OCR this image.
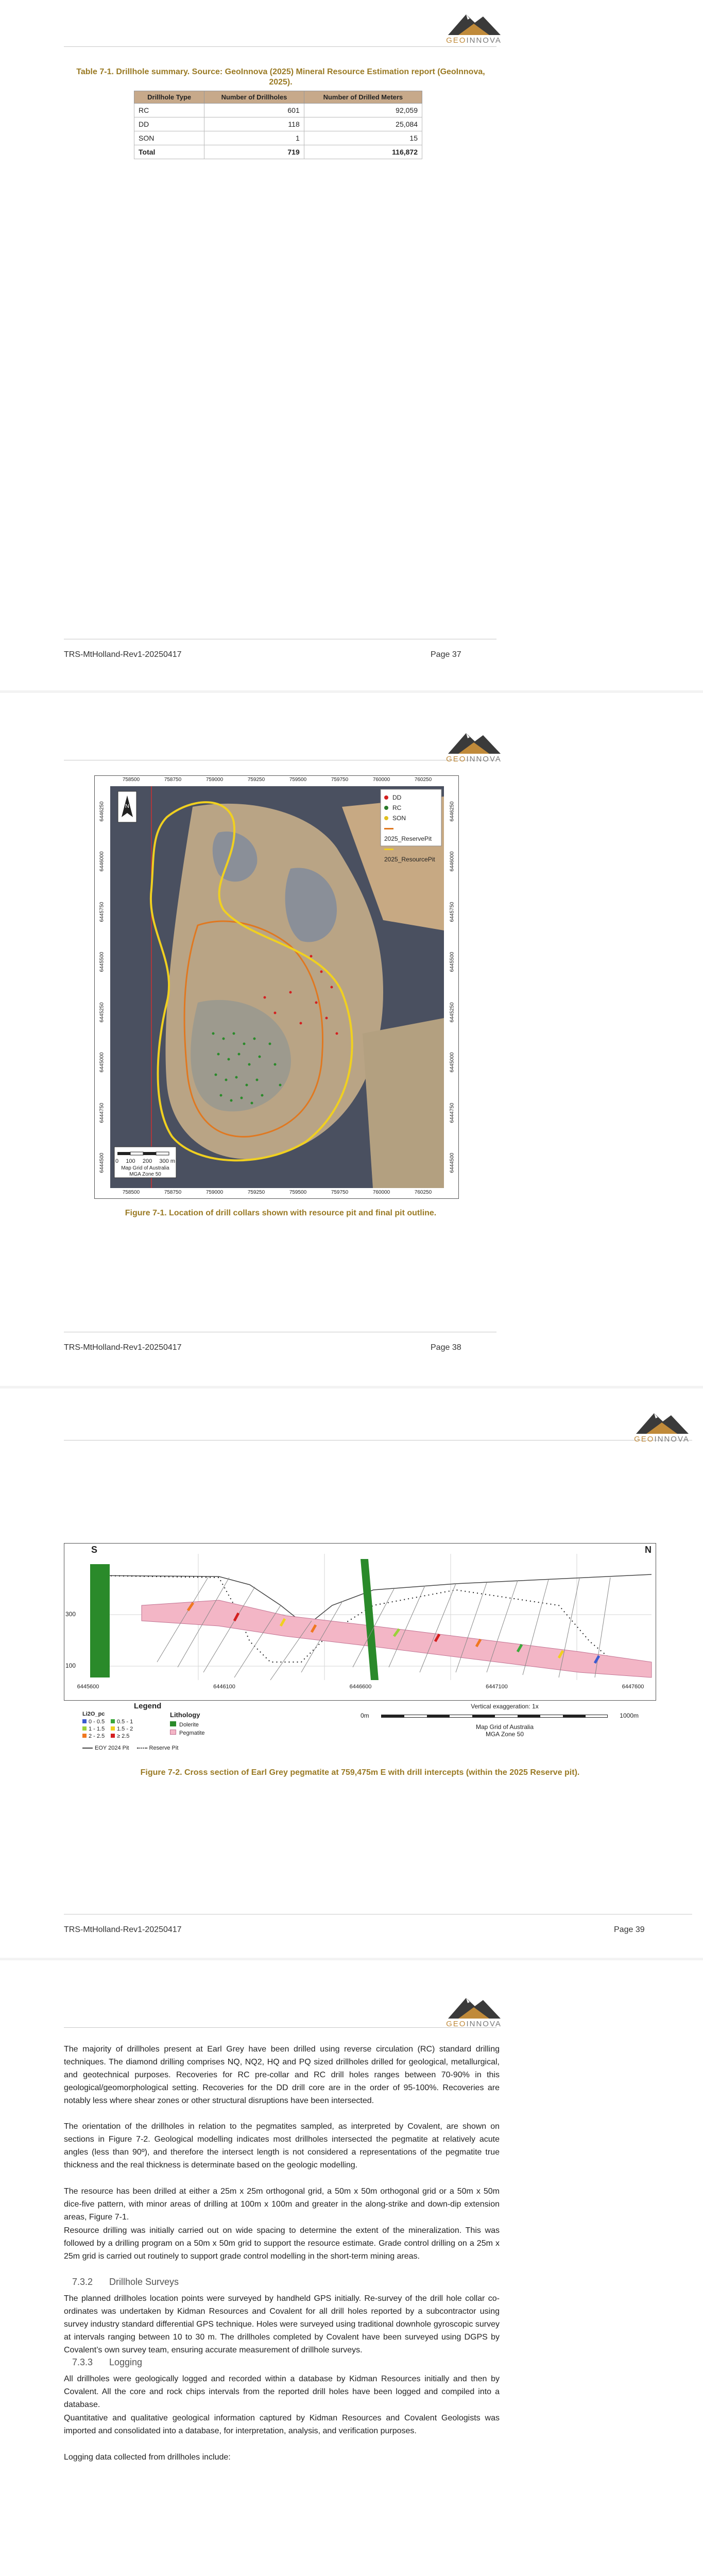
GEOINNOVA
Table 7-1. Drillhole summary. Source: GeoInnova (2025) Mineral Resource Estimation report (GeoInnova, 2025).
Drillhole Type	Number of Drillholes	Number of Drilled Meters
RC	601	92,059
DD	118	25,084
SON	1	15
Total	719	116,872
TRS-MtHolland-Rev1-20250417	Page 37
GEOINNOVA
N
758500	758750	759000	759250	759500	759750	760000	760250
758500	758750	759000	759250	759500	759750	760000	760250
6446250
6446000
6445750
6445500
6445250
6445000
6444750
6444500
6446250
6446000
6445750
6445500
6445250
6445000
6444750
6444500
DD
RC
SON
2025_ReservePit
2025_ResourcePit
0 100 200 300 m
Map Grid of Australia
MGA Zone 50
Figure 7-1. Location of drill collars shown with resource pit and final pit outline.
TRS-MtHolland-Rev1-20250417	Page 38
GEOINNOVA
S	N
300
100
6445600	6446100	6446600	6447100	6447600
Legend
Li2O_pc
0 - 0.5 0.5 - 11 - 1.5 1.5 - 22 - 2.5 ≥ 2.5
Lithology
Dolerite
Pegmatite
EOY 2024 Pit	Reserve Pit
Vertical exaggeration: 1x
0m	1000m
Map Grid of Australia
MGA Zone 50
Figure 7-2. Cross section of Earl Grey pegmatite at 759,475m E with drill intercepts (within the 2025 Reserve pit).
TRS-MtHolland-Rev1-20250417	Page 39
GEOINNOVA

The majority of drillholes present at Earl Grey have been drilled using reverse circulation (RC) standard drilling techniques. The diamond drilling comprises NQ, NQ2, HQ and PQ sized drillholes drilled for geological, metallurgical, and geotechnical purposes. Recoveries for RC pre-collar and RC drill holes ranges between 70-90% in this geological/geomorphological setting. Recoveries for the DD drill core are in the order of 95-100%. Recoveries are notably less where shear zones or other structural disruptions have been intersected.

The orientation of the drillholes in relation to the pegmatites sampled, as interpreted by Covalent, are shown on sections in Figure 7-2. Geological modelling indicates most drillholes intersected the pegmatite at relatively acute angles (less than 90º), and therefore the intersect length is not considered a representations of the pegmatite true thickness and the real thickness is determinate based on the geologic modelling.

The resource has been drilled at either a 25m x 25m orthogonal grid, a 50m x 50m orthogonal grid or a 50m x 50m dice-five pattern, with minor areas of drilling at 100m x 100m and greater in the along-strike and down-dip extension areas, Figure 7-1.

Resource drilling was initially carried out on wide spacing to determine the extent of the mineralization. This was followed by a drilling program on a 50m x 50m grid to support the resource estimate. Grade control drilling on a 25m x 25m grid is carried out routinely to support grade control modelling in the short-term mining areas.

7.3.2 Drillhole Surveys

The planned drillholes location points were surveyed by handheld GPS initially. Re-survey of the drill hole collar co-ordinates was undertaken by Kidman Resources and Covalent for all drill holes reported by a subcontractor using survey industry standard differential GPS technique. Holes were surveyed using traditional downhole gyroscopic survey at intervals ranging between 10 to 30 m. The drillholes completed by Covalent have been surveyed using DGPS by Covalent’s own survey team, ensuring accurate measurement of drillhole surveys.

7.3.3 Logging

All drillholes were geologically logged and recorded within a database by Kidman Resources initially and then by Covalent. All the core and rock chips intervals from the reported drill holes have been logged and compiled into a database.

Quantitative and qualitative geological information captured by Kidman Resources and Covalent Geologists was imported and consolidated into a database, for interpretation, analysis, and verification purposes.

Logging data collected from drillholes include:
